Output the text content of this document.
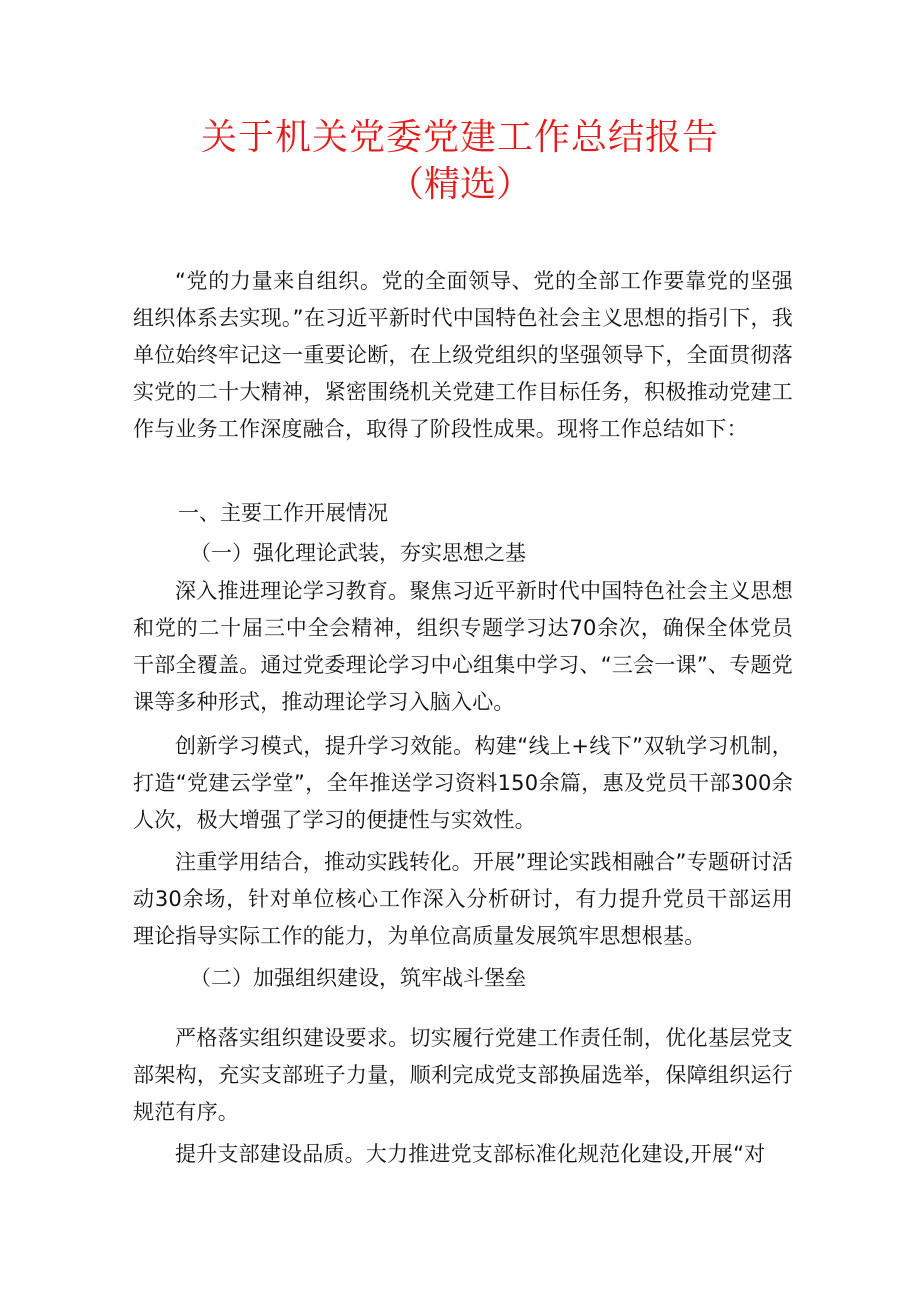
关于机关党委党建工作总结报告
（精选）

“党的力量来自组织。党的全面领导、党的全部工作要靠党的坚强组织体系去实现。”在习近平新时代中国特色社会主义思想的指引下，我单位始终牢记这一重要论断，在上级党组织的坚强领导下，全面贯彻落实党的二十大精神，紧密围绕机关党建工作目标任务，积极推动党建工作与业务工作深度融合，取得了阶段性成果。现将工作总结如下：

一、主要工作开展情况

（一）强化理论武装，夯实思想之基

深入推进理论学习教育。聚焦习近平新时代中国特色社会主义思想和党的二十届三中全会精神，组织专题学习达70余次，确保全体党员干部全覆盖。通过党委理论学习中心组集中学习、“三会一课”、专题党课等多种形式，推动理论学习入脑入心。

创新学习模式，提升学习效能。构建“线上+线下”双轨学习机制，打造“党建云学堂”，全年推送学习资料150余篇，惠及党员干部300余人次，极大增强了学习的便捷性与实效性。

注重学用结合，推动实践转化。开展”理论实践相融合”专题研讨活动30余场，针对单位核心工作深入分析研讨，有力提升党员干部运用理论指导实际工作的能力，为单位高质量发展筑牢思想根基。

（二）加强组织建设，筑牢战斗堡垒

严格落实组织建设要求。切实履行党建工作责任制，优化基层党支部架构，充实支部班子力量，顺利完成党支部换届选举，保障组织运行规范有序。

提升支部建设品质。大力推进党支部标准化规范化建设,开展“对
